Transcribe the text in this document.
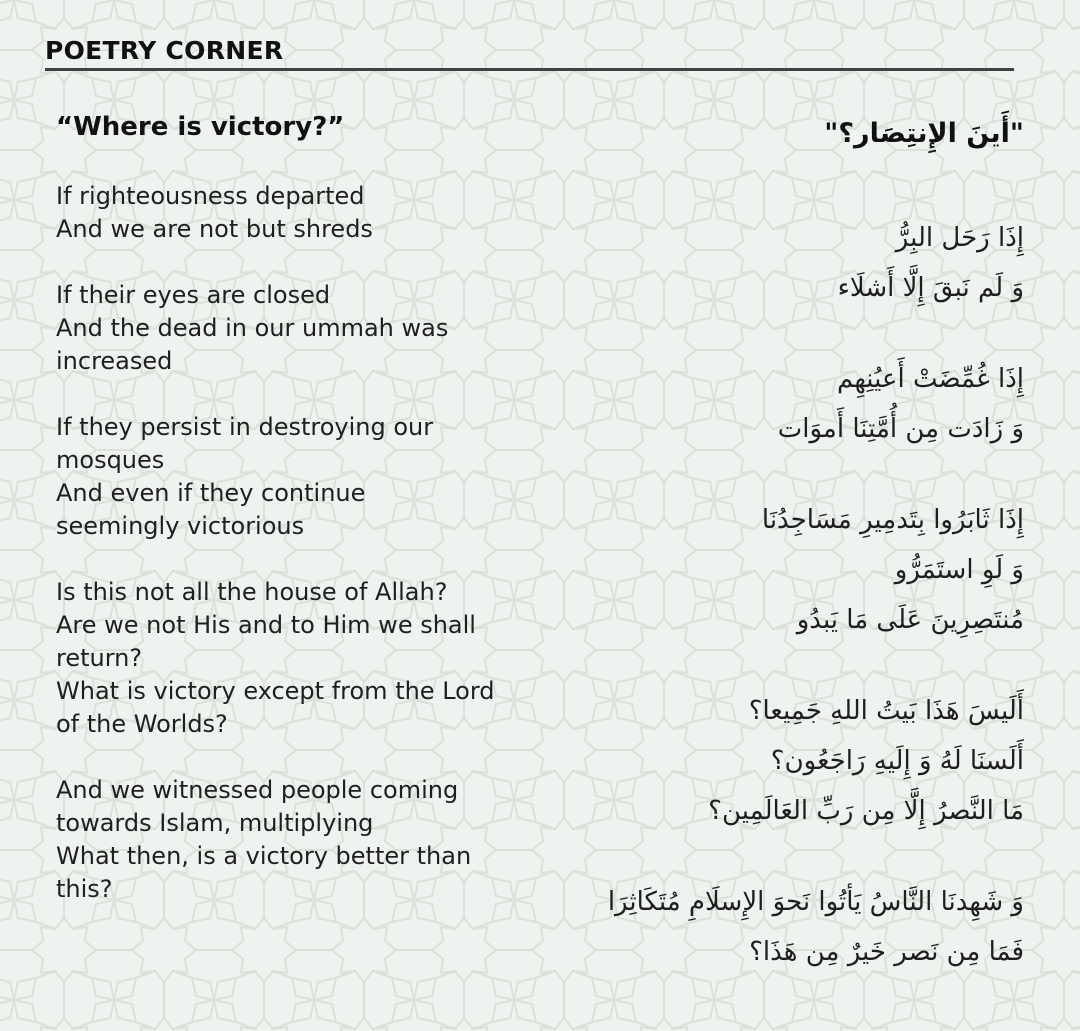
POETRY CORNER
“Where is victory?”
If righteousness departed
And we are not but shreds
If their eyes are closed
And the dead in our ummah was
increased
If they persist in destroying our
mosques
And even if they continue
seemingly victorious
Is this not all the house of Allah?
Are we not His and to Him we shall
return?
What is victory except from the Lord
of the Worlds?
And we witnessed people coming
towards Islam, multiplying
What then, is a victory better than
this?
"أَينَ الإِنتِصَار؟"
إِذَا رَحَل البِرُّ
وَ لَم نَبقَ إِلَّا أَشلَاء
إِذَا غُمِّضَتْ أَعيُنِهِم
وَ زَادَت مِن أُمَّتِنَا أَموَات
إِذَا ثَابَرُوا بِتَدمِيرِ مَسَاجِدُنَا
وَ لَوِ استَمَرُّو
مُنتَصِرِينَ عَلَى مَا يَبدُو
أَلَيسَ هَذَا بَيتُ اللهِ جَمِيعا؟
أَلَسنَا لَهُ وَ إِلَيهِ رَاجَعُون؟
مَا النَّصرُ إِلَّا مِن رَبِّ العَالَمِين؟
وَ شَهِدنَا النَّاسُ يَأتُوا نَحوَ الإِسلَامِ مُتَكَاثِرَا
فَمَا مِن نَصر خَيرٌ مِن هَذَا؟
